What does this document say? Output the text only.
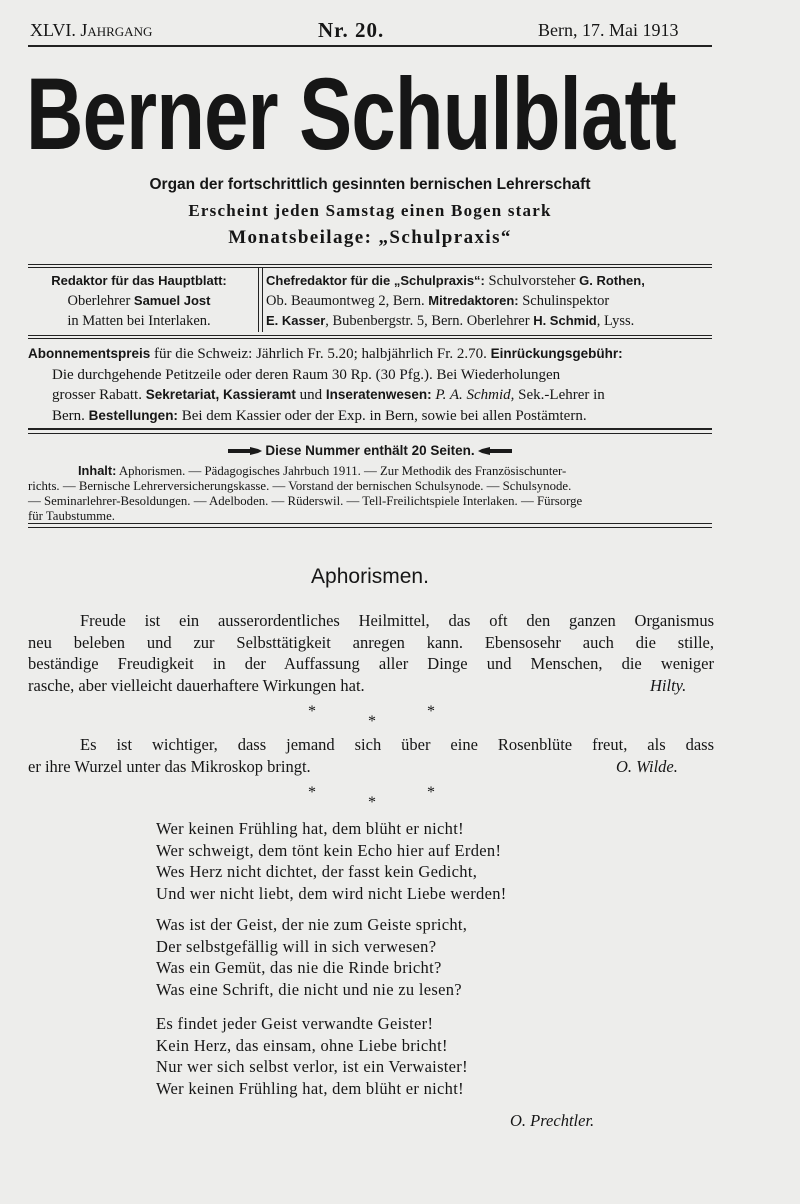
XLVI. Jahrgang	Nr. 20.	Bern, 17. Mai 1913
Berner Schulblatt
Organ der fortschrittlich gesinnten bernischen Lehrerschaft
Erscheint jeden Samstag einen Bogen stark
Monatsbeilage: „Schulpraxis“
Redaktor für das Hauptblatt:
Oberlehrer Samuel Jost
in Matten bei Interlaken.
Chefredaktor für die „Schulpraxis“: Schulvorsteher G. Rothen,
Ob. Beaumontweg 2, Bern. Mitredaktoren: Schulinspektor
E. Kasser, Bubenbergstr. 5, Bern. Oberlehrer H. Schmid, Lyss.
Abonnementspreis für die Schweiz: Jährlich Fr. 5.20; halbjährlich Fr. 2.70. Einrückungsgebühr:
Die durchgehende Petitzeile oder deren Raum 30 Rp. (30 Pfg.). Bei Wiederholungen
grosser Rabatt. Sekretariat, Kassieramt und Inseratenwesen: P. A. Schmid, Sek.-Lehrer in
Bern. Bestellungen: Bei dem Kassier oder der Exp. in Bern, sowie bei allen Postämtern.
Diese Nummer enthält 20 Seiten.
Inhalt: Aphorismen. — Pädagogisches Jahrbuch 1911. — Zur Methodik des Französischunter-
richts. — Bernische Lehrerversicherungskasse. — Vorstand der bernischen Schulsynode. — Schulsynode.
— Seminarlehrer-Besoldungen. — Adelboden. — Rüderswil. — Tell-Freilichtspiele Interlaken. — Fürsorge
für Taubstumme.
Aphorismen.
Freude ist ein ausserordentliches Heilmittel, das oft den ganzen Organismus
neu beleben und zur Selbsttätigkeit anregen kann. Ebensosehr auch die stille,
beständige Freudigkeit in der Auffassung aller Dinge und Menschen, die weniger
rasche, aber vielleicht dauerhaftere Wirkungen hat.	Hilty.
*
*
*
Es ist wichtiger, dass jemand sich über eine Rosenblüte freut, als dass
er ihre Wurzel unter das Mikroskop bringt.	O. Wilde.
*
*
*
Wer keinen Frühling hat, dem blüht er nicht!
Wer schweigt, dem tönt kein Echo hier auf Erden!
Wes Herz nicht dichtet, der fasst kein Gedicht,
Und wer nicht liebt, dem wird nicht Liebe werden!
Was ist der Geist, der nie zum Geiste spricht,
Der selbstgefällig will in sich verwesen?
Was ein Gemüt, das nie die Rinde bricht?
Was eine Schrift, die nicht und nie zu lesen?
Es findet jeder Geist verwandte Geister!
Kein Herz, das einsam, ohne Liebe bricht!
Nur wer sich selbst verlor, ist ein Verwaister!
Wer keinen Frühling hat, dem blüht er nicht!
O. Prechtler.
